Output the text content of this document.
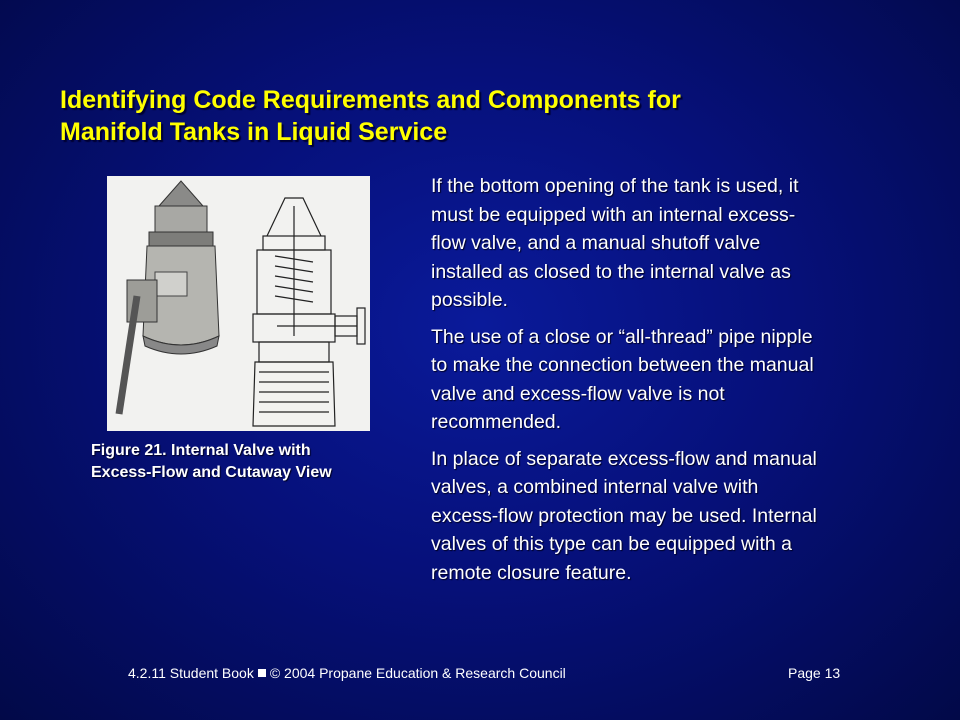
Identifying Code Requirements and Components for
Manifold Tanks in Liquid Service
Figure 21. Internal Valve with
Excess-Flow and Cutaway View

If the bottom opening of the tank is used, it
must be equipped with an internal excess-
flow valve, and a manual shutoff valve
installed as closed to the internal valve as
possible.

The use of a close or “all-thread” pipe nipple
to make the connection between the manual
valve and excess-flow valve is not
recommended.

In place of separate excess-flow and manual
valves, a combined internal valve with
excess-flow protection may be used. Internal
valves of this type can be equipped with a
remote closure feature.

4.2.11 Student Book © 2004 Propane Education & Research Council	Page 13
